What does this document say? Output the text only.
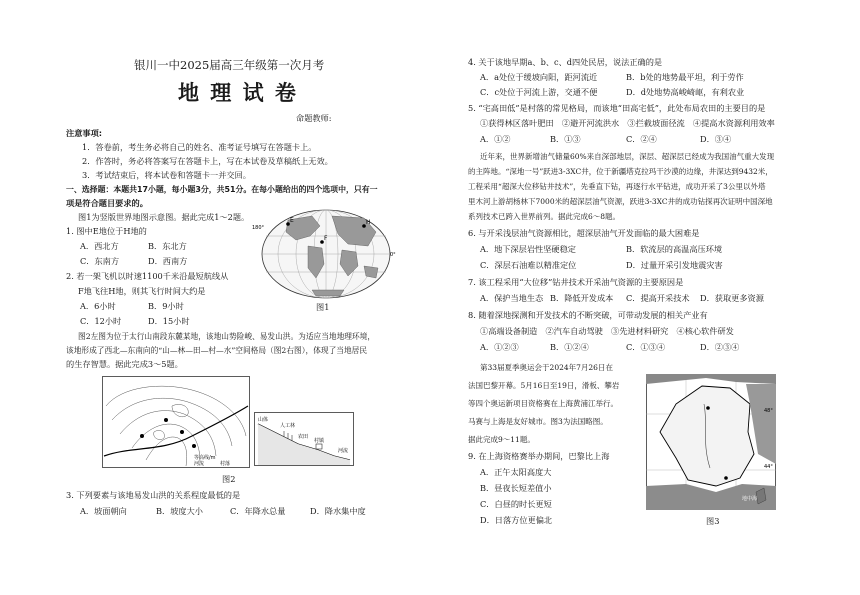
银川一中2025届高三年级第一次月考
地 理 试 卷
命题教师:
注意事项:
1．答卷前，考生务必将自己的姓名、准考证号填写在答题卡上。
2．作答时，务必将答案写在答题卡上，写在本试卷及草稿纸上无效。
3．考试结束后，将本试卷和答题卡一并交回。
一、选择题：本题共17小题，每小题3分，共51分。在每小题给出的四个选项中，只有一
项是符合题目要求的。
图1为竖版世界地图示意图。据此完成1～2题。	E	H
F
180°
0°
图1
1. 图中E地位于H地的
A．西北方	B．东北方
C．东南方	D．西南方
2. 若一架飞机以时速1100千米沿最短航线从
F地飞往H地，则其飞行时间大约是
A．6小时	B．9小时
C．12小时	D．15小时
图2左图为位于太行山南段东麓某地，该地山势险峻、易发山洪。为适应当地地理环境，
该地形成了西北—东南向的“山—林—田—村—水”空间格局（图2右图），体现了当地居民
的生存智慧。据此完成3～5题。
等高线/m
河流	村落
山体
人工林
农田
村镇
河流
图2
3. 下列要素与该地易发山洪的关系程度最低的是
A．坡面朝向	B．坡度大小	C．年降水总量	D．降水集中度
4. 关于该地早期a、b、c、d四处民居，说法正确的是
A．a处位于缓坡向阳，距河流近	B．b处的地势最平坦，利于劳作
C．c处位于河流上游，交通不便	D．d处地势高峻崎岖，有利农业
5. “宅高田低”是村落的常见格局，而该地“田高宅低”，此处布局农田的主要目的是
①获得林区落叶肥田　②避开河流洪水　③拦截坡面径流　④提高水资源利用效率
A．①②	B．①③	C．②④	D．③④
近年来，世界新增油气储量60%来自深部地层，深层、超深层已经成为我国油气重大发现
的主阵地。“深地一号”跃进3-3XC井，位于新疆塔克拉玛干沙漠的边缘，井深达到9432米，
工程采用“超深大位移钻井技术”，先垂直下钻，再逐行水平钻进，成功开采了3公里以外塔
里木河上游胡杨林下7000米的超深层油气资源，跃进3-3XC井的成功钻探再次证明中国深地
系列技术已跨入世界前列。据此完成6～8题。
6. 与开采浅层油气资源相比，超深层油气开发面临的最大困难是
A．地下深层岩性坚硬稳定	B．软流层的高温高压环境
C．深层石油难以精准定位	D．过量开采引发地震灾害
7. 该工程采用“大位移”钻井技术开采油气资源的主要原因是
A．保护当地生态 B．降低开发成本 C．提高开采技术 D．获取更多资源
8. 随着深地探测和开发技术的不断突破，可带动发展的相关产业有
①高端设备制造　②汽车自动驾驶　③先进材料研究　④核心软件研发
A．①②③	B．①②④	C．①③④	D．②③④
第33届夏季奥运会于2024年7月26日在
法国巴黎开幕。5月16日至19日，滑板、攀岩
等四个奥运新项目资格赛在上海黄浦江举行。
马赛与上海是友好城市。图3为法国略图。
据此完成9～11题。
地中海
48°
44°
图3
9. 在上海资格赛举办期间，巴黎比上海
A．正午太阳高度大
B．昼夜长短差值小
C．白昼的时长更短
D．日落方位更偏北
